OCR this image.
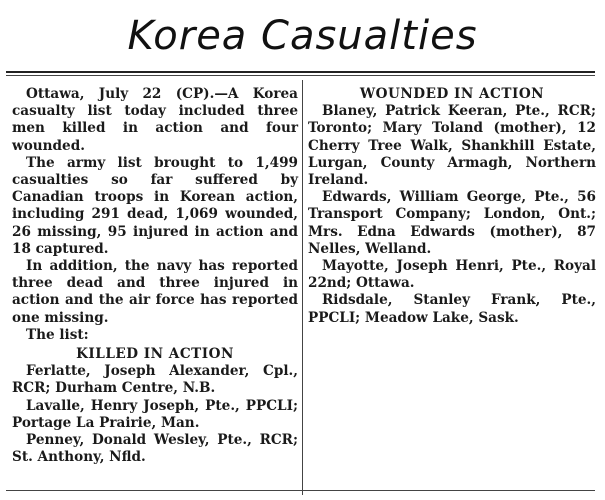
Korea Casualties

Ottawa, July 22 (CP).—A Korea casualty list today included three men killed in action and four wounded.

The army list brought to 1,499 casualties so far suffered by Canadian troops in Korean action, including 291 dead, 1,069 wounded, 26 missing, 95 injured in action and 18 captured.

In addition, the navy has reported three dead and three injured in action and the air force has reported one missing.

The list:

KILLED IN ACTION

Ferlatte, Joseph Alexander, Cpl., RCR; Durham Centre, N.B.

Lavalle, Henry Joseph, Pte., PPCLI; Portage La Prairie, Man.

Penney, Donald Wesley, Pte., RCR; St. Anthony, Nfld.

WOUNDED IN ACTION

Blaney, Patrick Keeran, Pte., RCR; Toronto; Mary Toland (mother), 12 Cherry Tree Walk, Shankhill Estate, Lurgan, County Armagh, Northern Ireland.

Edwards, William George, Pte., 56 Transport Company; London, Ont.; Mrs. Edna Edwards (mother), 87 Nelles, Welland.

Mayotte, Joseph Henri, Pte., Royal 22nd; Ottawa.

Ridsdale, Stanley Frank, Pte., PPCLI; Meadow Lake, Sask.
